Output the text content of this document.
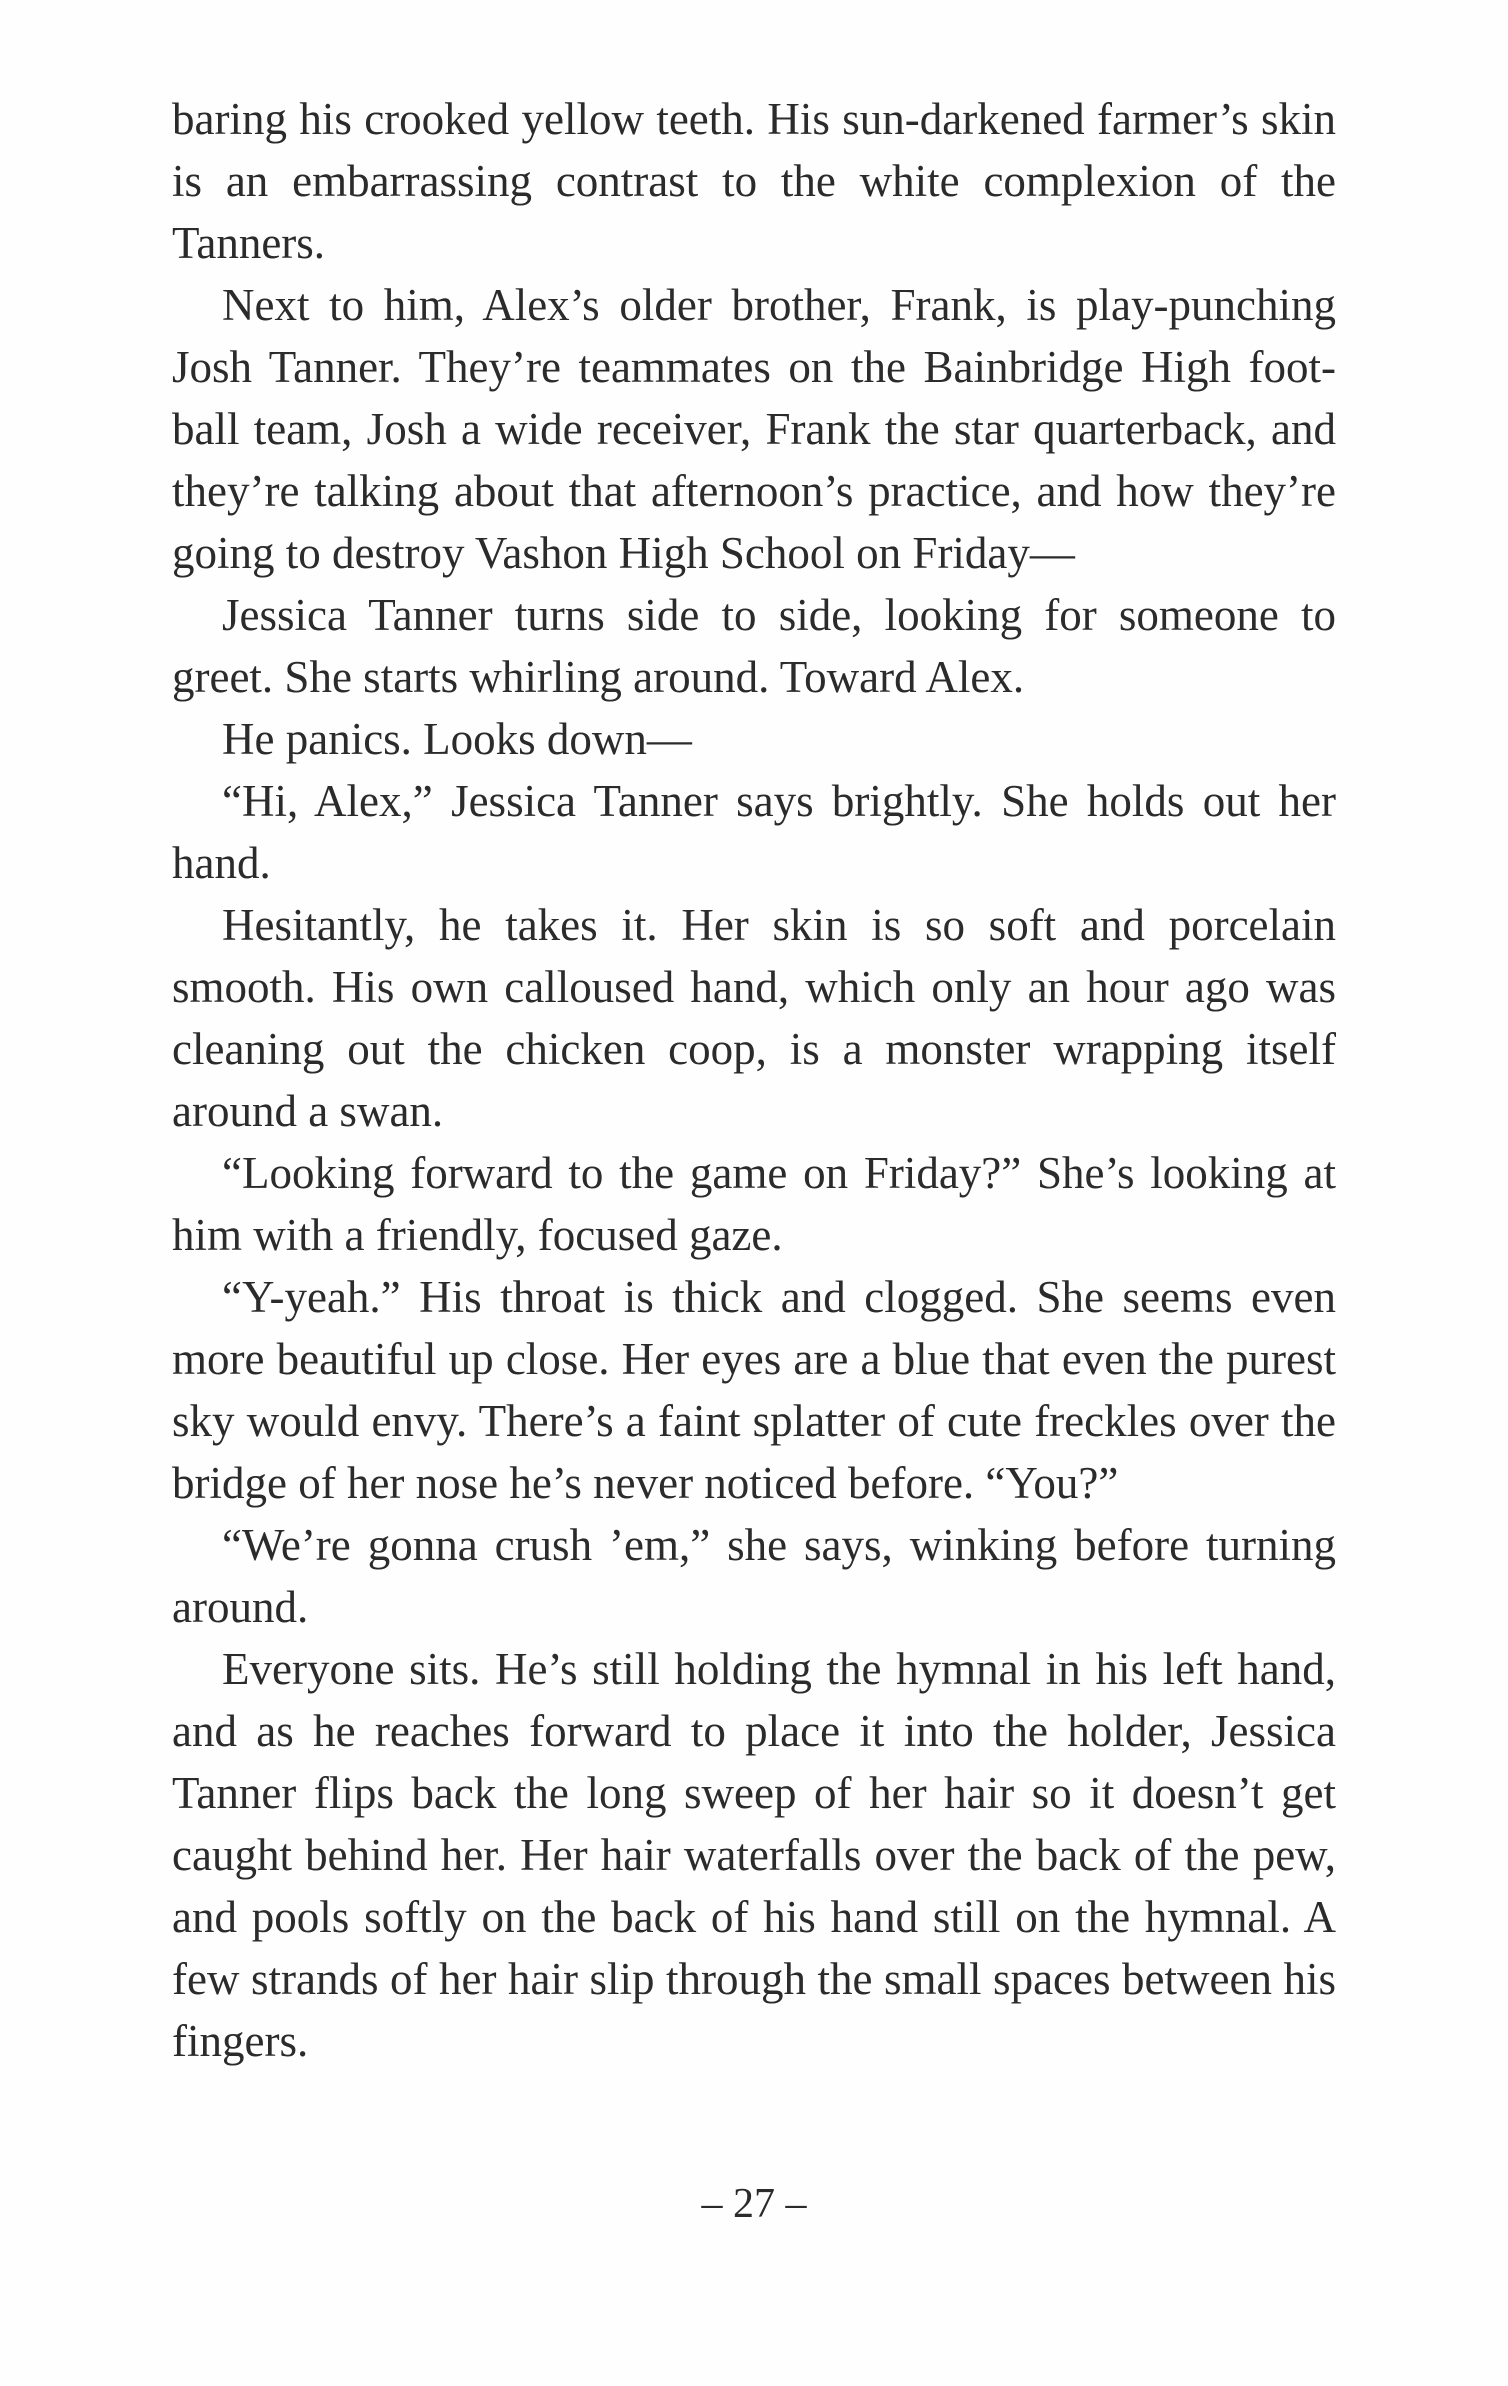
baring his crooked yellow teeth. His sun-darkened farmer’s skin is an embarrassing contrast to the white complexion of the Tanners.

Next to him, Alex’s older brother, Frank, is play-punching Josh Tanner. They’re teammates on the Bainbridge High football team, Josh a wide receiver, Frank the star quarterback, and they’re talking about that afternoon’s practice, and how they’re going to destroy Vashon High School on Friday—

Jessica Tanner turns side to side, looking for someone to greet. She starts whirling around. Toward Alex.

He panics. Looks down—

“Hi, Alex,” Jessica Tanner says brightly. She holds out her hand.

Hesitantly, he takes it. Her skin is so soft and porcelain smooth. His own calloused hand, which only an hour ago was cleaning out the chicken coop, is a monster wrapping itself around a swan.

“Looking forward to the game on Friday?” She’s looking at him with a friendly, focused gaze.

“Y-yeah.” His throat is thick and clogged. She seems even more beautiful up close. Her eyes are a blue that even the purest sky would envy. There’s a faint splatter of cute freckles over the bridge of her nose he’s never noticed before. “You?”

“We’re gonna crush ’em,” she says, winking before turning around.

Everyone sits. He’s still holding the hymnal in his left hand, and as he reaches forward to place it into the holder, Jessica Tanner flips back the long sweep of her hair so it doesn’t get caught behind her. Her hair waterfalls over the back of the pew, and pools softly on the back of his hand still on the hymnal. A few strands of her hair slip through the small spaces between his fingers.

– 27 –
